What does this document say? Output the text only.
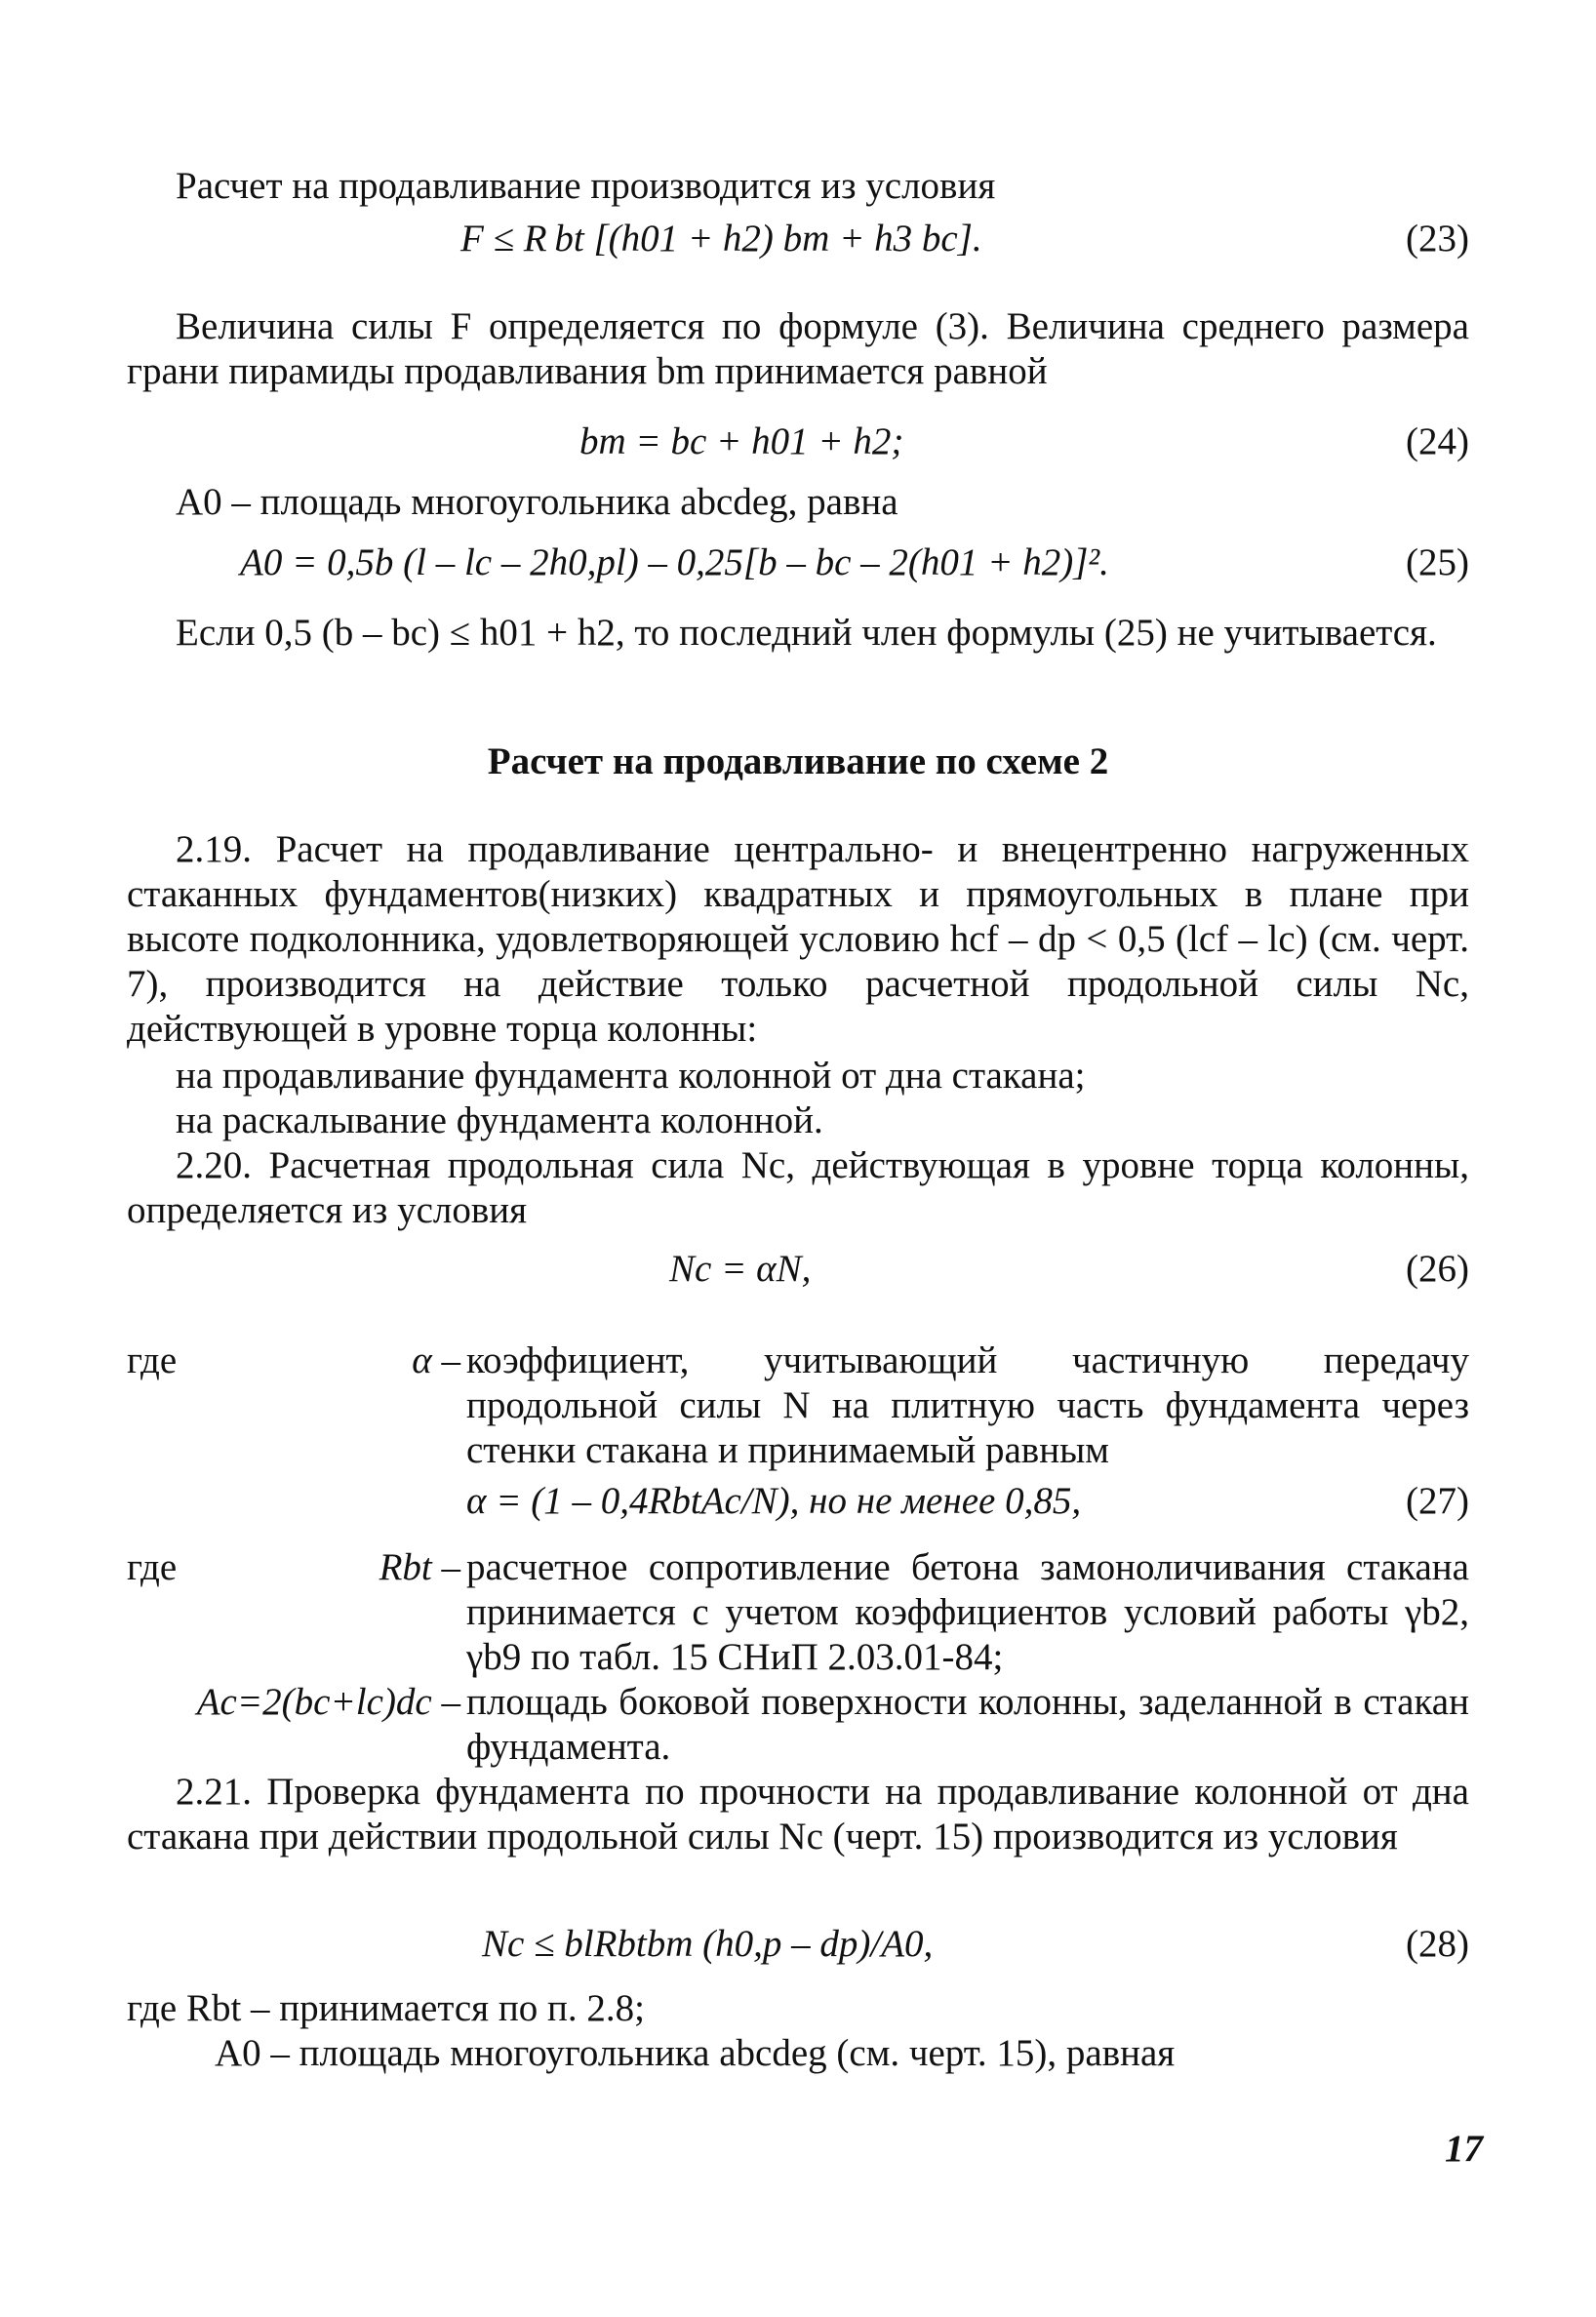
Расчет на продавливание производится из условия
F ≤ R bt [(h01 + h2) bm + h3 bc].	(23)
Величина силы F определяется по формуле (3). Величина среднего размера грани пирамиды продавливания bm принимается равной
bm = bc + h01 + h2;	(24)
A0 – площадь многоугольника abcdeg, равна
A0 = 0,5b (l – lc – 2h0,pl) – 0,25[b – bc – 2(h01 + h2)]².	(25)
Если 0,5 (b – bc) ≤ h01 + h2, то последний член формулы (25) не учитывается.
Расчет на продавливание по схеме 2
2.19. Расчет на продавливание центрально- и внецентренно нагруженных стаканных фундаментов(низких) квадратных и прямоугольных в плане при высоте подколонника, удовлетворяющей условию hcf – dp < 0,5 (lcf – lc) (см. черт. 7), производится на действие только расчетной продольной силы Nc, действующей в уровне торца колонны:
на продавливание фундамента колонной от дна стакана;
на раскалывание фундамента колонной.
2.20. Расчетная продольная сила Nc, действующая в уровне торца колонны, определяется из условия
Nc = αN,	(26)
где	α – коэффициент, учитывающий частичную передачу продольной силы N на плитную часть фундамента через стенки стакана и принимаемый равным
α = (1 – 0,4RbtAc/N), но не менее 0,85,	(27)
где	Rbt – расчетное сопротивление бетона замоноличивания стакана принимается с учетом коэффициентов условий работы γb2, γb9 по табл. 15 СНиП 2.03.01-84;
Ac=2(bc+lc)dc – площадь боковой поверхности колонны, заделанной в стакан фундамента.
2.21. Проверка фундамента по прочности на продавливание колонной от дна стакана при действии продольной силы Nc (черт. 15) производится из условия
Nc ≤ blRbtbm (h0,p – dp)/A0,	(28)
где Rbt – принимается по п. 2.8;
A0 – площадь многоугольника abcdeg (см. черт. 15), равная
17
